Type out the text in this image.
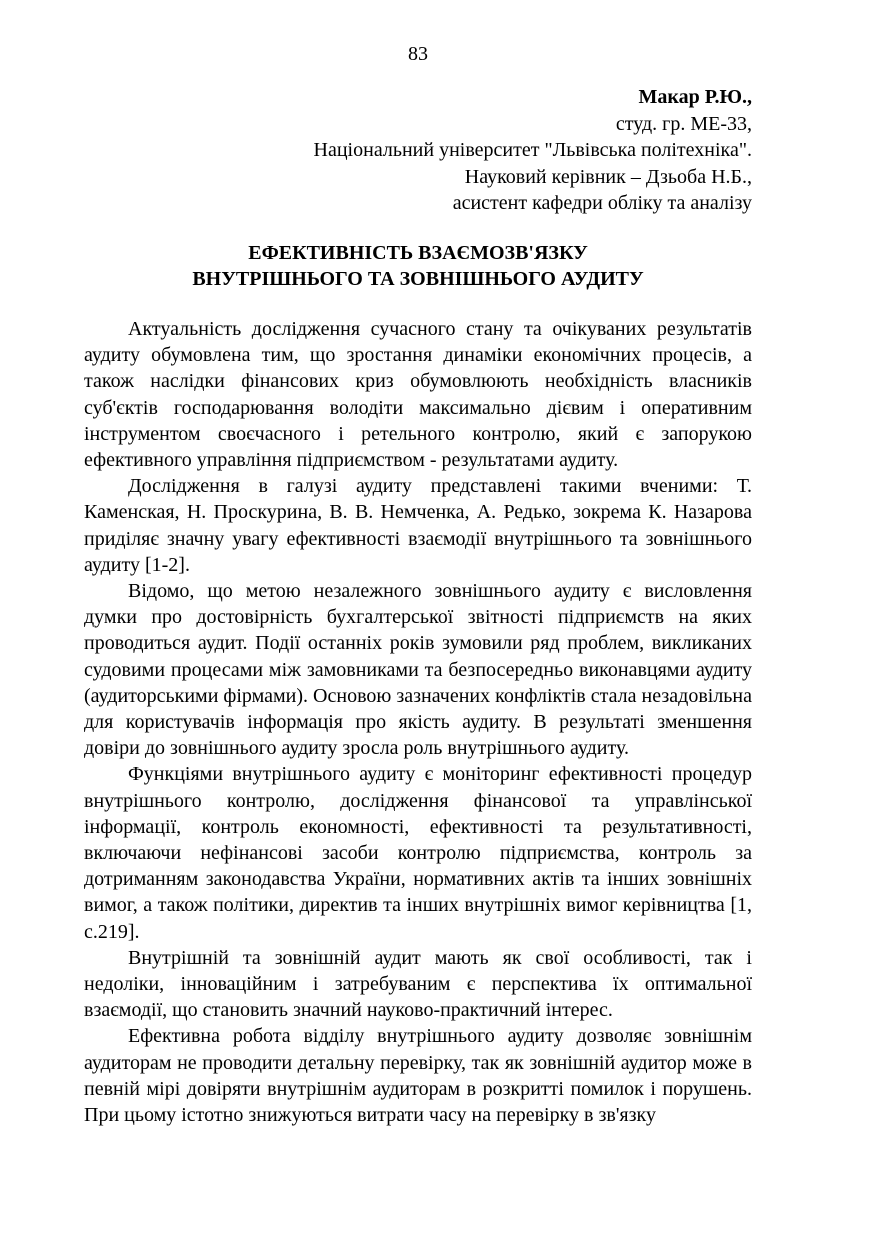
83
Макар Р.Ю.,
студ. гр. МЕ-33,
Національний університет "Львівська політехніка".
Науковий керівник – Дзьоба Н.Б.,
асистент кафедри обліку та аналізу
ЕФЕКТИВНІСТЬ ВЗАЄМОЗВ'ЯЗКУ
ВНУТРІШНЬОГО ТА ЗОВНІШНЬОГО АУДИТУ

Актуальність дослідження сучасного стану та очікуваних результатів аудиту обумовлена тим, що зростання динаміки економічних процесів, а також наслідки фінансових криз обумовлюють необхідність власників суб'єктів господарювання володіти максимально дієвим і оперативним інструментом своєчасного і ретельного контролю, який є запорукою ефективного управління підприємством - результатами аудиту.

Дослідження в галузі аудиту представлені такими вченими: Т. Каменская, Н. Проскурина, В. В. Немченка, А. Редько, зокрема К. Назарова приділяє значну увагу ефективності взаємодії внутрішнього та зовнішнього аудиту [1-2].

Відомо, що метою незалежного зовнішнього аудиту є висловлення думки про достовірність бухгалтерської звітності підприємств на яких проводиться аудит. Події останніх років зумовили ряд проблем, викликаних судовими процесами між замовниками та безпосередньо виконавцями аудиту (аудиторськими фірмами). Основою зазначених конфліктів стала незадовільна для користувачів інформація про якість аудиту. В результаті зменшення довіри до зовнішнього аудиту зросла роль внутрішнього аудиту.

Функціями внутрішнього аудиту є моніторинг ефективності процедур внутрішнього контролю, дослідження фінансової та управлінської інформації, контроль економності, ефективності та результативності, включаючи нефінансові засоби контролю підприємства, контроль за дотриманням законодавства України, нормативних актів та інших зовнішніх вимог, а також політики, директив та інших внутрішніх вимог керівництва [1, с.219].

Внутрішній та зовнішній аудит мають як свої особливості, так і недоліки, інноваційним і затребуваним є перспектива їх оптимальної взаємодії, що становить значний науково-практичний інтерес.

Ефективна робота відділу внутрішнього аудиту дозволяє зовнішнім аудиторам не проводити детальну перевірку, так як зовнішній аудитор може в певній мірі довіряти внутрішнім аудиторам в розкритті помилок і порушень. При цьому істотно знижуються витрати часу на перевірку в зв'язку
